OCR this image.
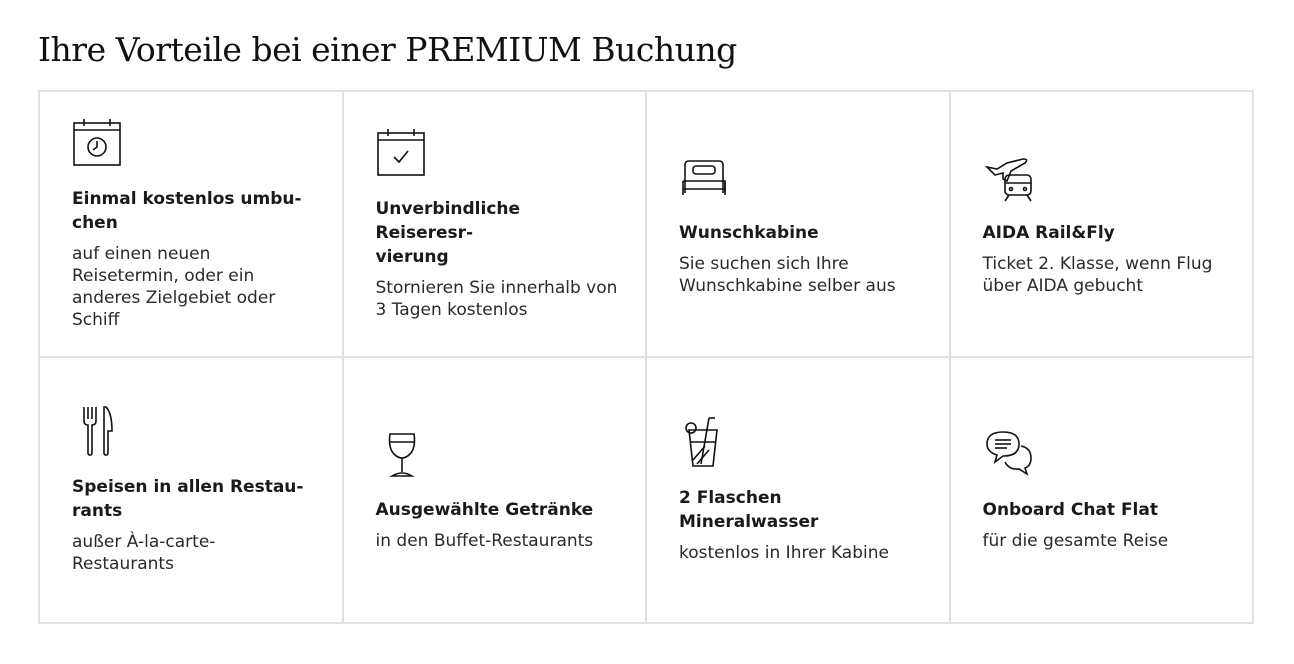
Ihre Vorteile bei einer PREMIUM Buchung
Einmal kostenlos umbu-
chen

auf einen neuen Reisetermin, oder ein anderes Zielgebiet oder Schiff

Unverbindliche Reiseresr-
vierung

Stornieren Sie innerhalb von 3 Tagen kostenlos

Wunschkabine

Sie suchen sich Ihre Wunschkabine selber aus

AIDA Rail&Fly

Ticket 2. Klasse, wenn Flug über AIDA gebucht

Speisen in allen Restau-
rants

außer À-la-carte-Restaurants

Ausgewählte Getränke

in den Buffet-Restaurants

2 Flaschen Mineralwasser

kostenlos in Ihrer Kabine

Onboard Chat Flat

für die gesamte Reise
